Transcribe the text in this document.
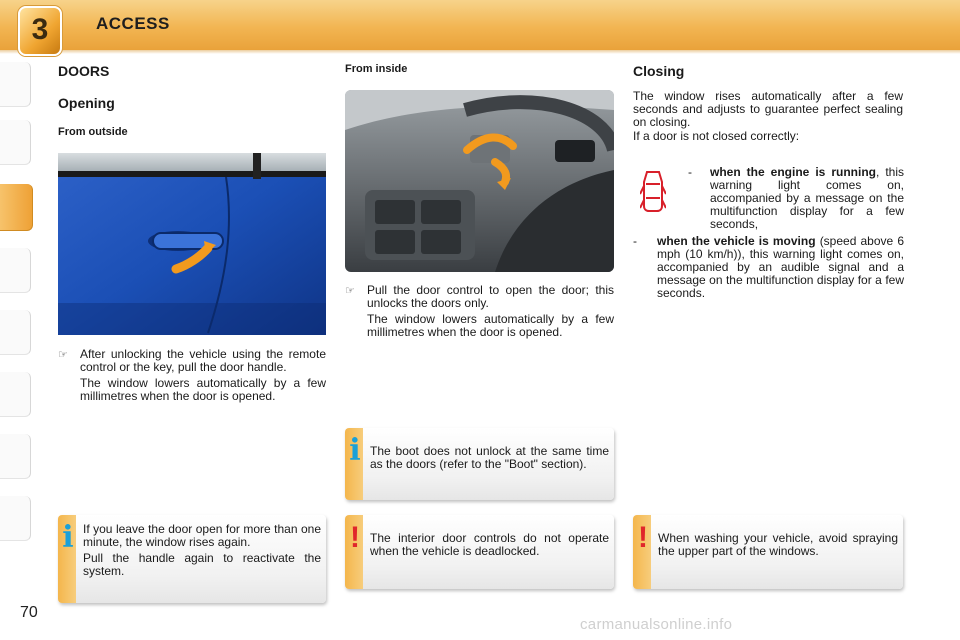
3	ACCESS
DOORS
Opening
From outside
☞	After unlocking the vehicle using the remote control or the key, pull the door handle.

The window lowers automatically by a few millimetres when the door is opened.

From inside
☞	Pull the door control to open the door; this unlocks the doors only.

The window lowers automatically by a few millimetres when the door is opened.

Closing

The window rises automatically after a few seconds and adjusts to guarantee perfect sealing on closing.

If a door is not closed correctly:

-	when the engine is running, this warning light comes on, accompanied by a message on the multifunction display for a few seconds,

-	when the vehicle is moving (speed above 6 mph (10 km/h)), this warning light comes on, accompanied by an audible signal and a message on the multifunction display for a few seconds.

i The boot does not unlock at the same time as the doors (refer to the "Boot" section).

i If you leave the door open for more than one minute, the window rises again.

Pull the handle again to reactivate the system.

! The interior door controls do not operate when the vehicle is deadlocked.	! When washing your vehicle, avoid spraying the upper part of the windows.

70
carmanualsonline.info
